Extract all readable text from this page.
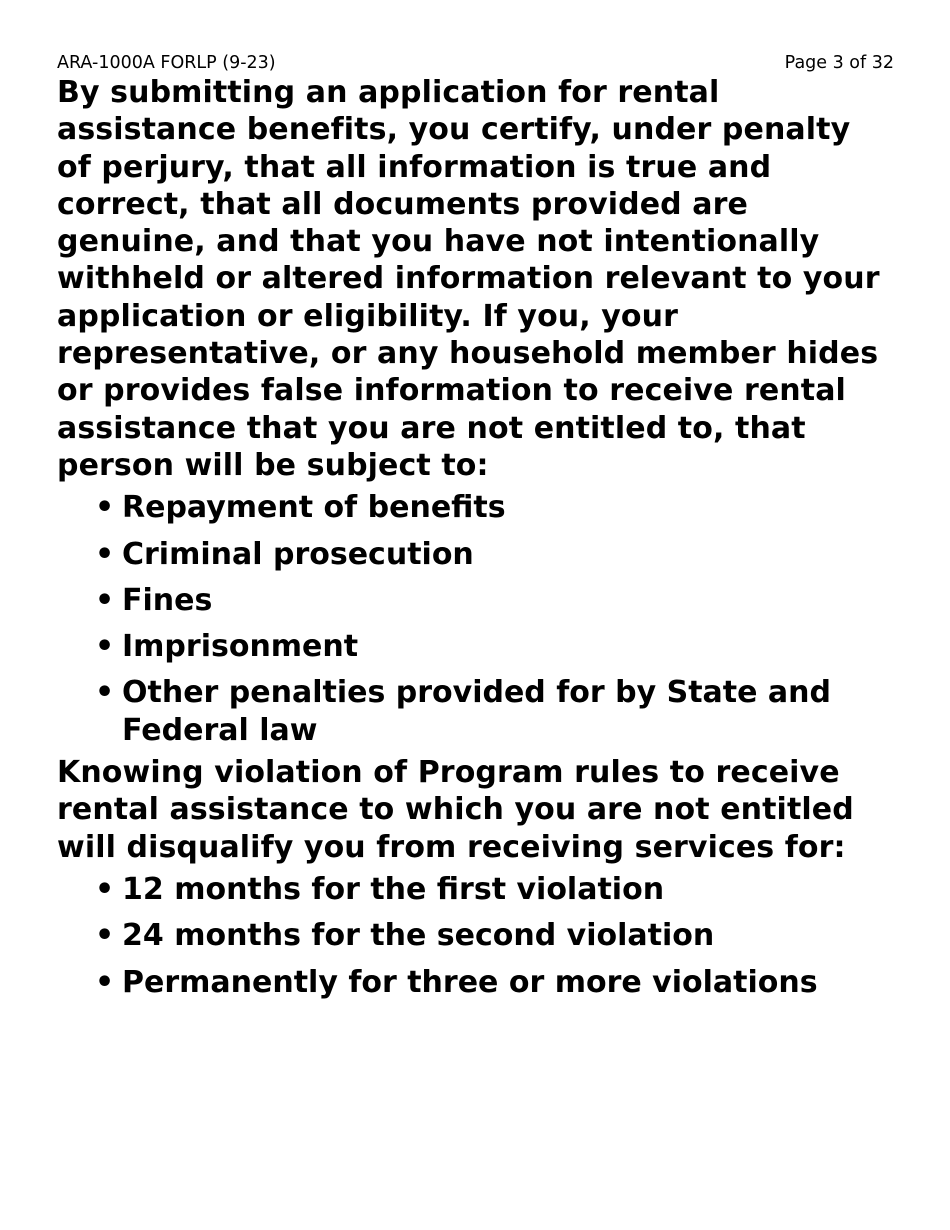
ARA-1000A FORLP (9-23)	Page 3 of 32

By submitting an application for rental assistance benefits, you certify, under penalty of perjury, that all information is true and correct, that all documents provided are genuine, and that you have not intentionally withheld or altered information relevant to your application or eligibility. If you, your representative, or any household member hides or provides false information to receive rental assistance that you are not entitled to, that person will be subject to:

• Repayment of benefits
• Criminal prosecution
• Fines
• Imprisonment
• Other penalties provided for by State and Federal law

Knowing violation of Program rules to receive rental assistance to which you are not entitled will disqualify you from receiving services for:

• 12 months for the first violation
• 24 months for the second violation
• Permanently for three or more violations
